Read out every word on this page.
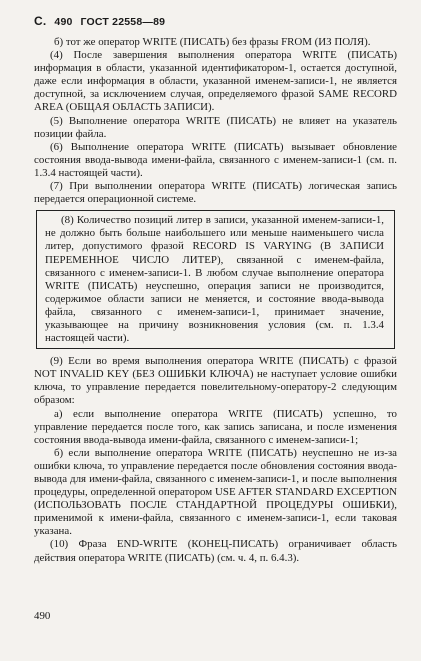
С. 490 ГОСТ 22558—89

б) тот же оператор WRITE (ПИСАТЬ) без фразы FROM (ИЗ ПОЛЯ).

(4) После завершения выполнения оператора WRITE (ПИСАТЬ) информация в области, указанной идентификатором-1, остается доступной, даже если информация в области, указанной именем-записи-1, не является доступной, за исключением случая, определяемого фразой SAME RECORD AREA (ОБЩАЯ ОБЛАСТЬ ЗАПИСИ).

(5) Выполнение оператора WRITE (ПИСАТЬ) не влияет на указатель позиции файла.

(6) Выполнение оператора WRITE (ПИСАТЬ) вызывает обновление состояния ввода-вывода имени-файла, связанного с именем-записи-1 (см. п. 1.3.4 настоящей части).

(7) При выполнении оператора WRITE (ПИСАТЬ) логическая запись передается операционной системе.

(8) Количество позиций литер в записи, указанной именем-записи-1, не должно быть больше наибольшего или меньше наименьшего числа литер, допустимого фразой RECORD IS VARYING (В ЗАПИСИ ПЕРЕМЕННОЕ ЧИСЛО ЛИТЕР), связанной с именем-файла, связанного с именем-записи-1. В любом случае выполнение оператора WRITE (ПИСАТЬ) неуспешно, операция записи не производится, содержимое области записи не меняется, и состояние ввода-вывода файла, связанного с именем-записи-1, принимает значение, указывающее на причину возникновения условия (см. п. 1.3.4 настоящей части).

(9) Если во время выполнения оператора WRITE (ПИСАТЬ) с фразой NOT INVALID KEY (БЕЗ ОШИБКИ КЛЮЧА) не наступает условие ошибки ключа, то управление передается повелительному-оператору-2 следующим образом:

а) если выполнение оператора WRITE (ПИСАТЬ) успешно, то управление передается после того, как запись записана, и после изменения состояния ввода-вывода имени-файла, связанного с именем-записи-1;

б) если выполнение оператора WRITE (ПИСАТЬ) неуспешно не из-за ошибки ключа, то управление передается после обновления состояния ввода-вывода для имени-файла, связанного с именем-записи-1, и после выполнения процедуры, определенной оператором USE AFTER STANDARD EXCEPTION (ИСПОЛЬЗОВАТЬ ПОСЛЕ СТАНДАРТНОЙ ПРОЦЕДУРЫ ОШИБКИ), применимой к имени-файла, связанного с именем-записи-1, если таковая указана.

(10) Фраза END-WRITE (КОНЕЦ-ПИСАТЬ) ограничивает область действия оператора WRITE (ПИСАТЬ) (см. ч. 4, п. 6.4.3).

490
